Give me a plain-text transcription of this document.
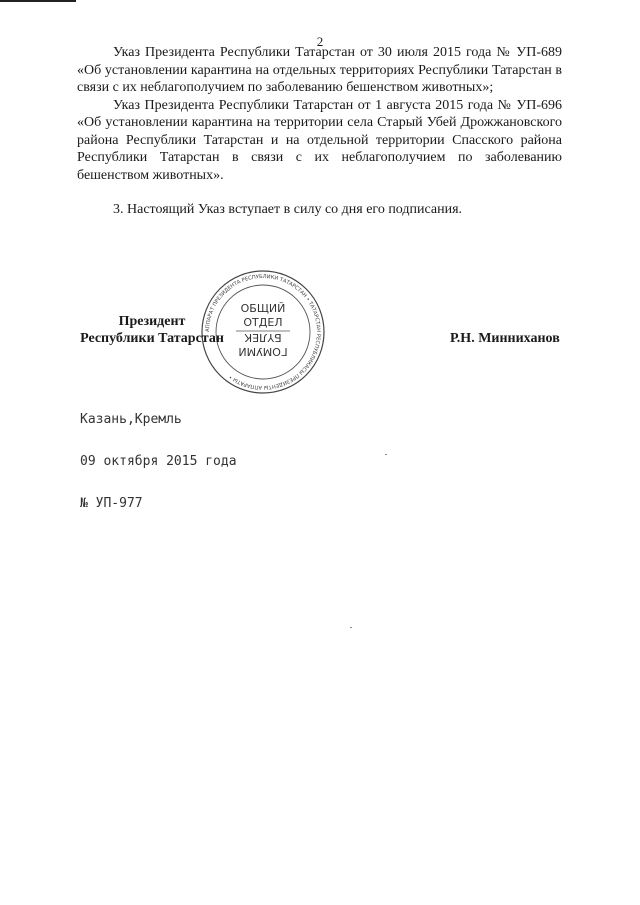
2

Указ Президента Республики Татарстан от 30 июля 2015 года № УП-689 «Об установлении карантина на отдельных территориях Республики Татарстан в связи с их неблагополучием по заболеванию бешенством животных»;

Указ Президента Республики Татарстан от 1 августа 2015 года № УП-696 «Об установлении карантина на территории села Старый Убей Дрожжановского района Республики Татарстан и на отдельной территории Спасского района Республики Татарстан в связи с их неблагополучием по заболеванию бешенством животных».

3. Настоящий Указ вступает в силу со дня его подписания.

АППАРАТ ПРЕЗИДЕНТА РЕСПУБЛИКИ ТАТАРСТАН • ТАТАРСТАН РЕСПУБЛИКАСЫ ПРЕЗИДЕНТЫ АППАРАТЫ •
ОБЩИЙ
ОТДЕЛ
БҮЛЕК
ГОМУМИ
Президент
Республики Татарстан	Р.Н. Минниханов

Казань,Кремль

09 октября 2015 года

№ УП-977
